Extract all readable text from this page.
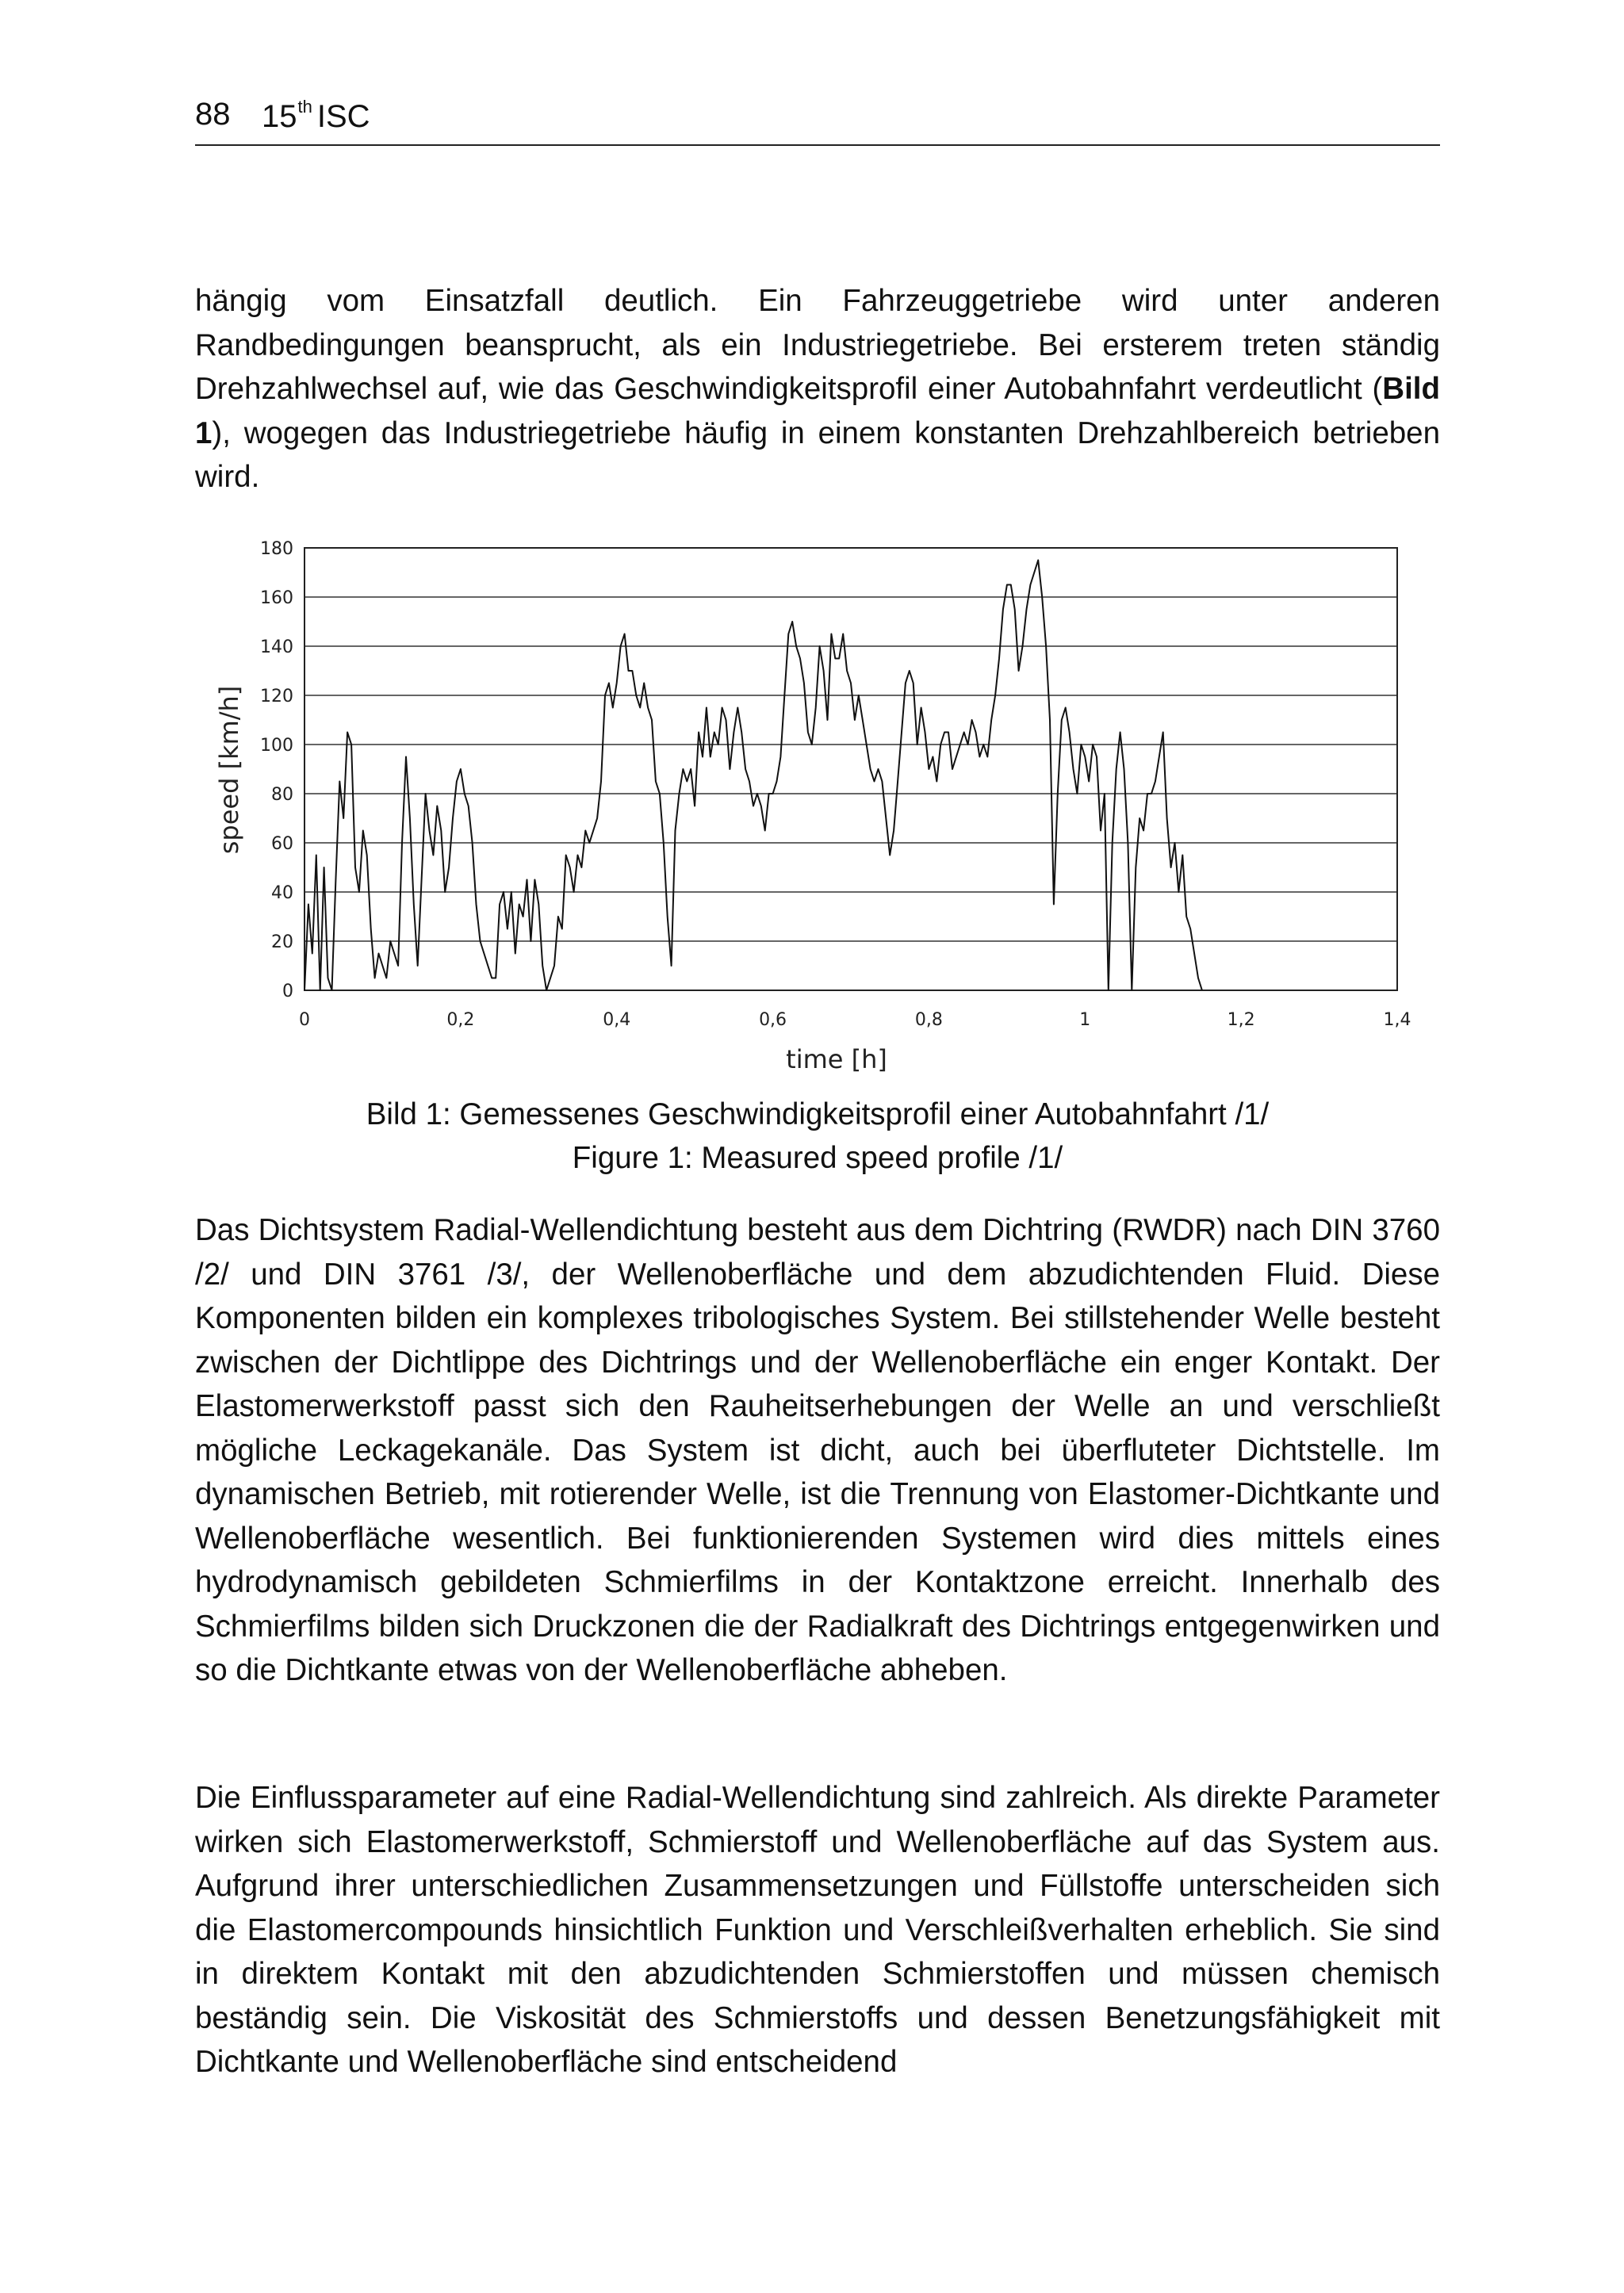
88 15th ISC

hängig vom Einsatzfall deutlich. Ein Fahrzeuggetriebe wird unter anderen Randbedingungen beansprucht, als ein Industriegetriebe. Bei ersterem treten ständig Drehzahlwechsel auf, wie das Geschwindigkeitsprofil einer Autobahnfahrt verdeutlicht (Bild 1), wogegen das Industriegetriebe häufig in einem konstanten Drehzahlbereich betrieben wird.

0
20
40
60
80
100
120
140
160
180
0	0,2	0,4	0,6	0,8	1	1,2	1,4
speed [km/h]
time [h]

Bild 1: Gemessenes Geschwindigkeitsprofil einer Autobahnfahrt /1/

Figure 1: Measured speed profile /1/

Das Dichtsystem Radial-Wellendichtung besteht aus dem Dichtring (RWDR) nach DIN 3760 /2/ und DIN 3761 /3/, der Wellenoberfläche und dem abzudichtenden Fluid. Diese Komponenten bilden ein komplexes tribologisches System. Bei stillstehender Welle besteht zwischen der Dichtlippe des Dichtrings und der Wellenoberfläche ein enger Kontakt. Der Elastomerwerkstoff passt sich den Rauheitserhebungen der Welle an und verschließt mögliche Leckagekanäle. Das System ist dicht, auch bei überfluteter Dichtstelle. Im dynamischen Betrieb, mit rotierender Welle, ist die Trennung von Elastomer-Dichtkante und Wellenoberfläche wesentlich. Bei funktionierenden Systemen wird dies mittels eines hydrodynamisch gebildeten Schmierfilms in der Kontaktzone erreicht. Innerhalb des Schmierfilms bilden sich Druckzonen die der Radialkraft des Dichtrings entgegenwirken und so die Dichtkante etwas von der Wellenoberfläche abheben.

Die Einflussparameter auf eine Radial-Wellendichtung sind zahlreich. Als direkte Parameter wirken sich Elastomerwerkstoff, Schmierstoff und Wellenoberfläche auf das System aus. Aufgrund ihrer unterschiedlichen Zusammensetzungen und Füllstoffe unterscheiden sich die Elastomercompounds hinsichtlich Funktion und Verschleißverhalten erheblich. Sie sind in direktem Kontakt mit den abzudichtenden Schmierstoffen und müssen chemisch beständig sein. Die Viskosität des Schmierstoffs und dessen Benetzungsfähigkeit mit Dichtkante und Wellenoberfläche sind entscheidend
